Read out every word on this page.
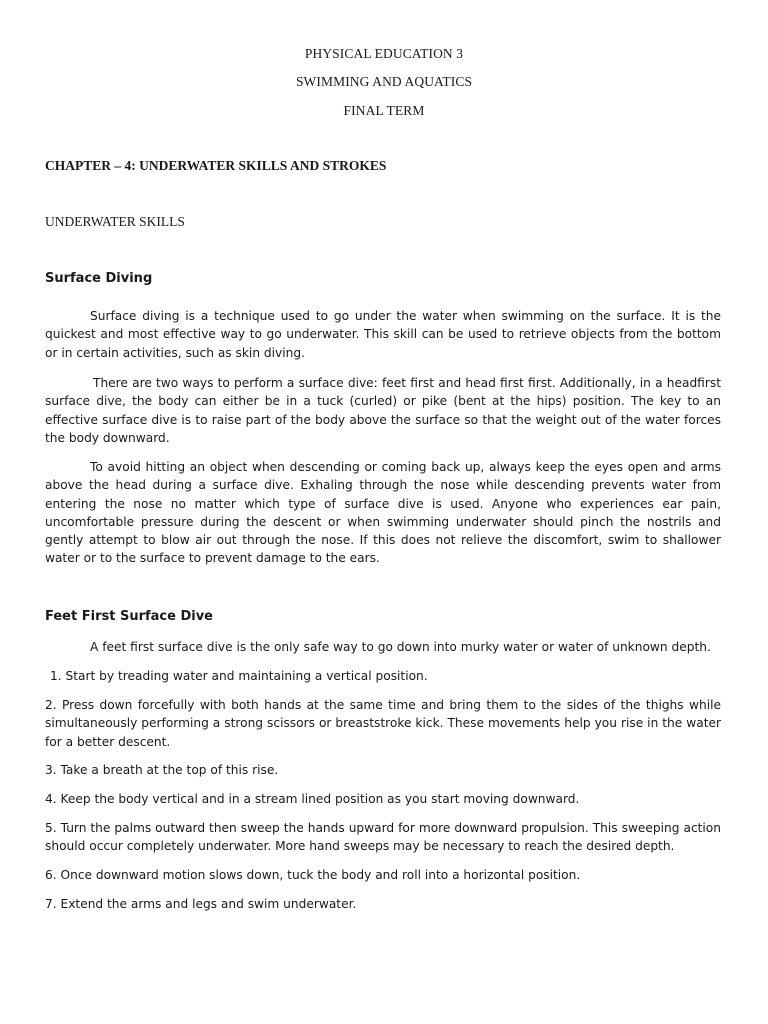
PHYSICAL EDUCATION 3
SWIMMING AND AQUATICS
FINAL TERM
CHAPTER – 4: UNDERWATER SKILLS AND STROKES
UNDERWATER SKILLS
Surface Diving
Surface diving is a technique used to go under the water when swimming on the surface. It is the quickest and most effective way to go underwater. This skill can be used to retrieve objects from the bottom or in certain activities, such as skin diving.
There are two ways to perform a surface dive: feet first and head first first. Additionally, in a headfirst surface dive, the body can either be in a tuck (curled) or pike (bent at the hips) position. The key to an effective surface dive is to raise part of the body above the surface so that the weight out of the water forces the body downward.
To avoid hitting an object when descending or coming back up, always keep the eyes open and arms above the head during a surface dive. Exhaling through the nose while descending prevents water from entering the nose no matter which type of surface dive is used. Anyone who experiences ear pain, uncomfortable pressure during the descent or when swimming underwater should pinch the nostrils and gently attempt to blow air out through the nose. If this does not relieve the discomfort, swim to shallower water or to the surface to prevent damage to the ears.
Feet First Surface Dive
A feet first surface dive is the only safe way to go down into murky water or water of unknown depth.
1. Start by treading water and maintaining a vertical position.
2. Press down forcefully with both hands at the same time and bring them to the sides of the thighs while simultaneously performing a strong scissors or breaststroke kick. These movements help you rise in the water for a better descent.
3. Take a breath at the top of this rise.
4. Keep the body vertical and in a stream lined position as you start moving downward.
5. Turn the palms outward then sweep the hands upward for more downward propulsion. This sweeping action should occur completely underwater. More hand sweeps may be necessary to reach the desired depth.
6. Once downward motion slows down, tuck the body and roll into a horizontal position.
7. Extend the arms and legs and swim underwater.
